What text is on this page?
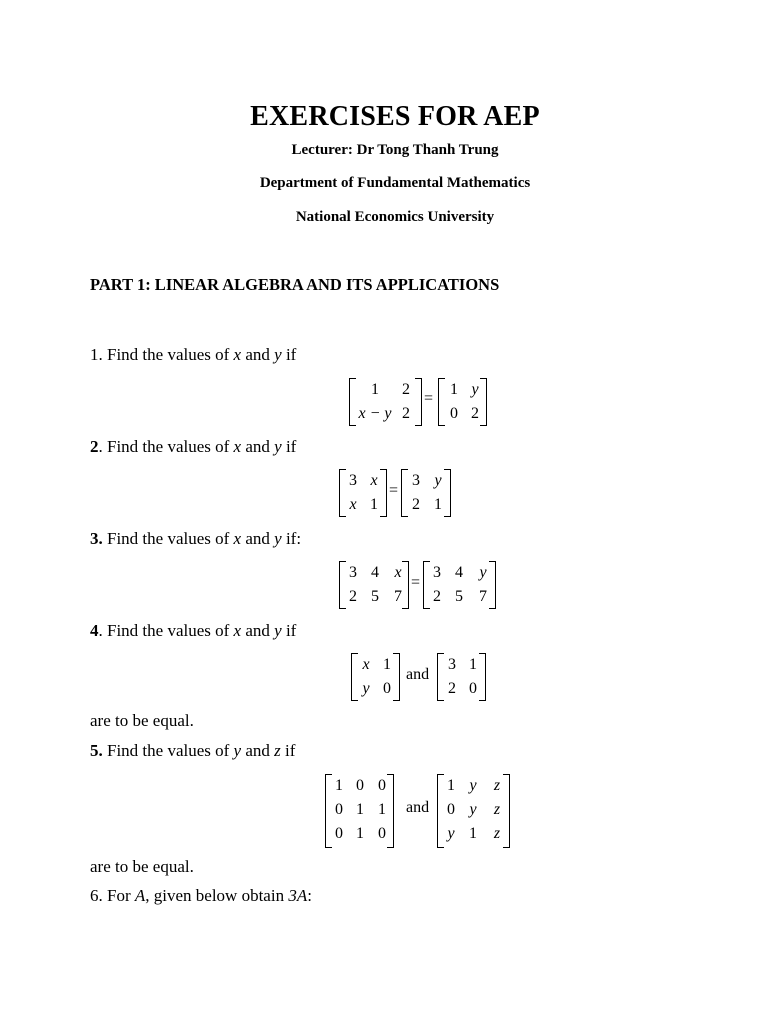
EXERCISES FOR AEP
Lecturer: Dr Tong Thanh Trung
Department of Fundamental Mathematics
National Economics University
PART 1: LINEAR ALGEBRA AND ITS APPLICATIONS
1. Find the values of x and y if
1 2
x − y 2
=
1 y
0 2
2. Find the values of x and y if
3 x
x 1
=
3 y
2 1
3. Find the values of x and y if:
3 4 x
2 5 7
=
3 4 y
2 5 7
4. Find the values of x and y if
x 1
y 0
and
3 1
2 0
are to be equal.
5. Find the values of y and z if
1 0 0
0 1 1
0 1 0
and
1 y z
0 y z
y 1 z
are to be equal.
6. For A, given below obtain 3A:
